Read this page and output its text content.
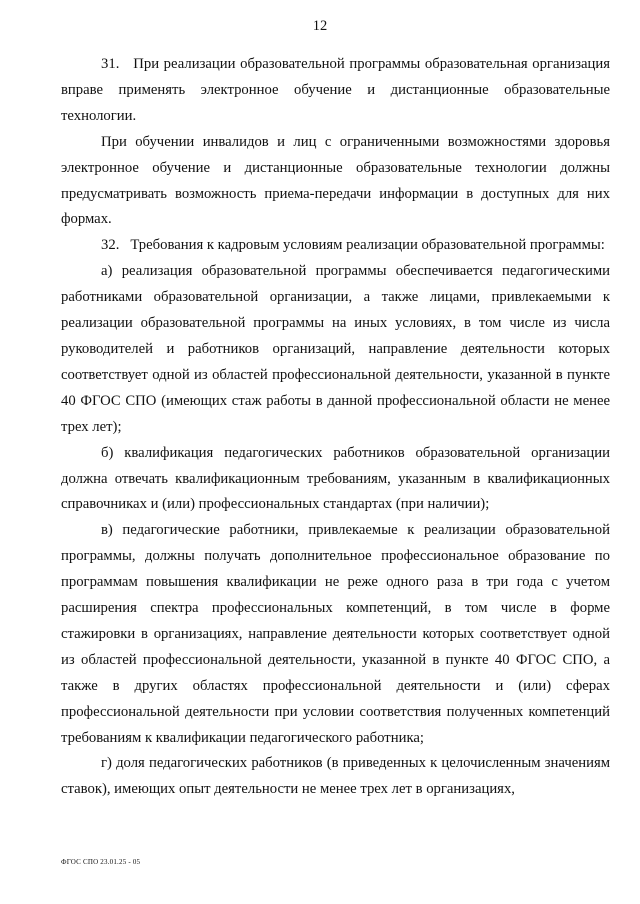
12

31.   При реализации образовательной программы образовательная организация вправе применять электронное обучение и дистанционные образовательные технологии.

При обучении инвалидов и лиц с ограниченными возможностями здоровья электронное обучение и дистанционные образовательные технологии должны предусматривать возможность приема-передачи информации в доступных для них формах.

32.   Требования к кадровым условиям реализации образовательной программы:

а) реализация образовательной программы обеспечивается педагогическими работниками образовательной организации, а также лицами, привлекаемыми к реализации образовательной программы на иных условиях, в том числе из числа руководителей и работников организаций, направление деятельности которых соответствует одной из областей профессиональной деятельности, указанной в пункте 40 ФГОС СПО (имеющих стаж работы в данной профессиональной области не менее трех лет);

б) квалификация педагогических работников образовательной организации должна отвечать квалификационным требованиям, указанным в квалификационных справочниках и (или) профессиональных стандартах (при наличии);

в) педагогические работники, привлекаемые к реализации образовательной программы, должны получать дополнительное профессиональное образование по программам повышения квалификации не реже одного раза в три года с учетом расширения спектра профессиональных компетенций, в том числе в форме стажировки в организациях, направление деятельности которых соответствует одной из областей профессиональной деятельности, указанной в пункте 40 ФГОС СПО, а также в других областях профессиональной деятельности и (или) сферах профессиональной деятельности при условии соответствия полученных компетенций требованиям к квалификации педагогического работника;

г) доля педагогических работников (в приведенных к целочисленным значениям ставок), имеющих опыт деятельности не менее трех лет в организациях,

ФГОС СПО 23.01.25 - 05
